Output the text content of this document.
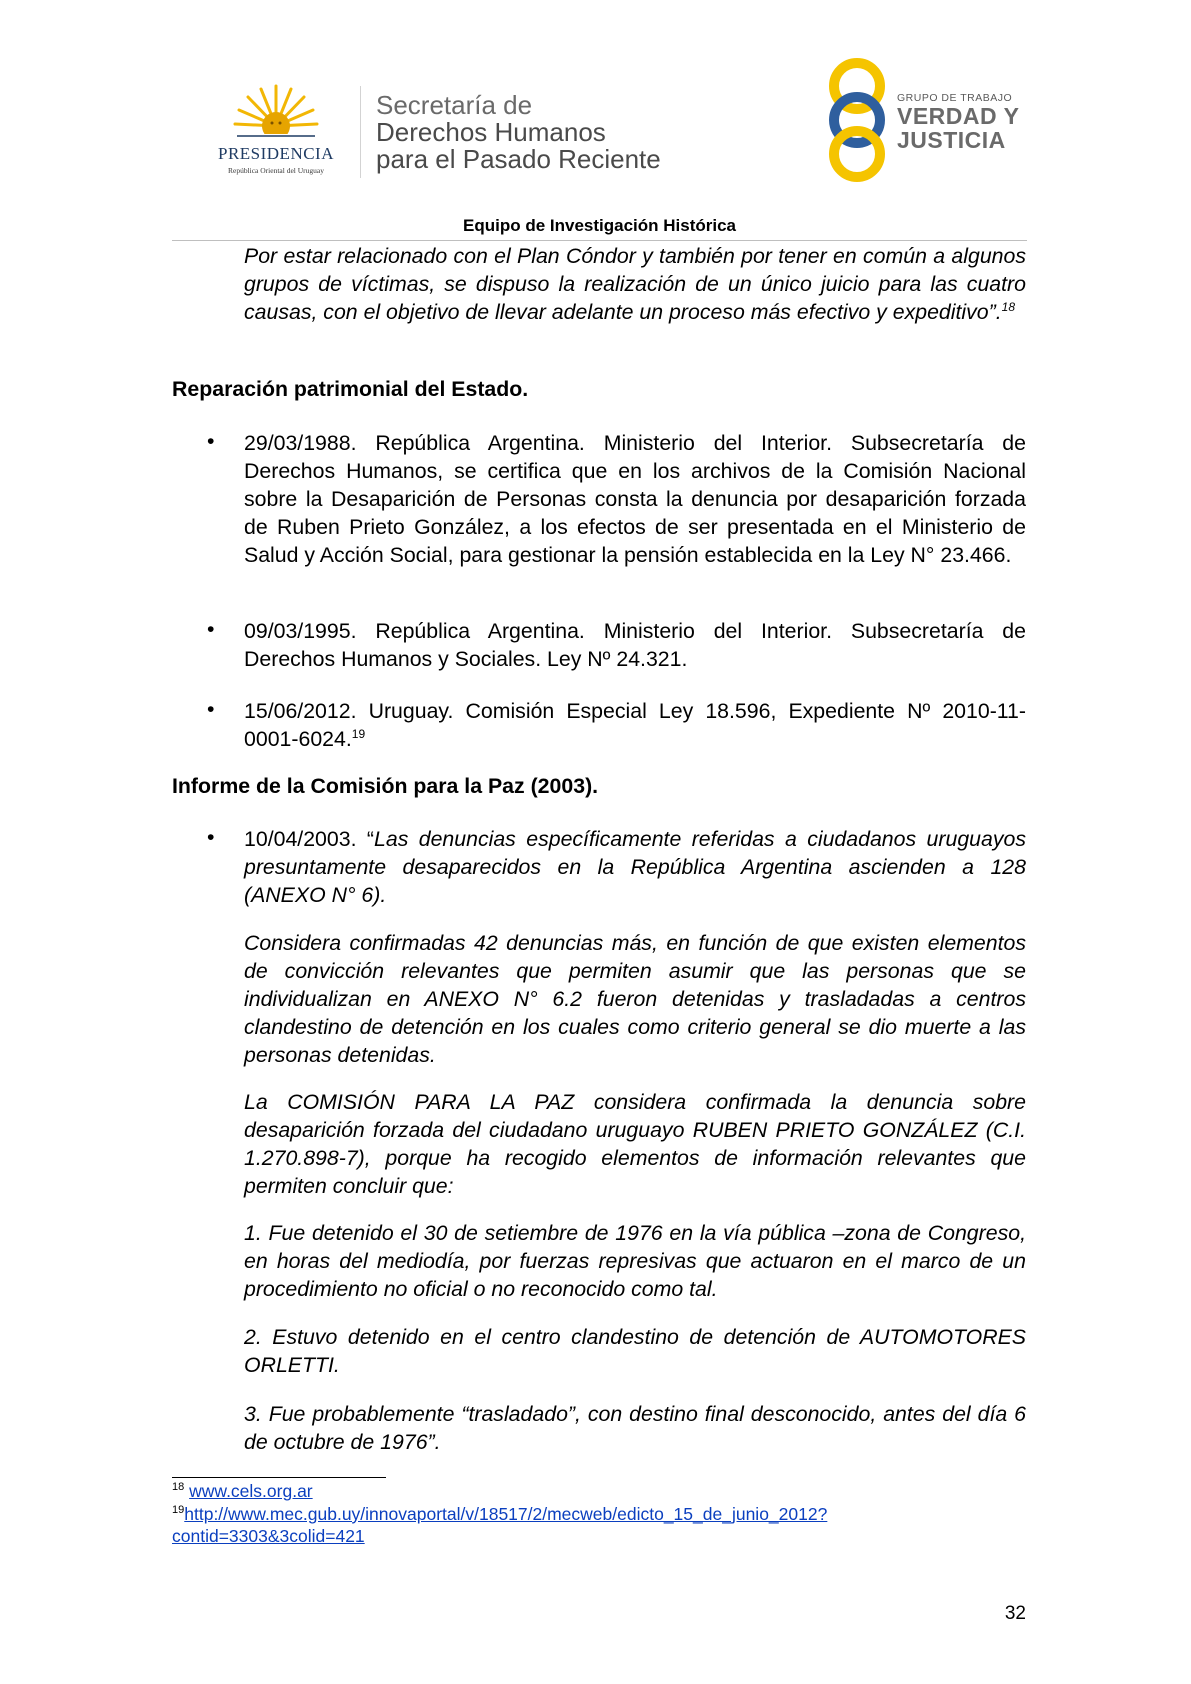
PRESIDENCIA
República Oriental del Uruguay
Secretaría de
Derechos Humanos
para el Pasado Reciente
GRUPO DE TRABAJO
VERDAD Y
JUSTICIA
Equipo de Investigación Histórica
Por estar relacionado con el Plan Cóndor y también por tener en común a algunos grupos de víctimas, se dispuso la realización de un único juicio para las cuatro causas, con el objetivo de llevar adelante un proceso más efectivo y expeditivo”.$^{18}$
Reparación patrimonial del Estado.
• 29/03/1988. República Argentina. Ministerio del Interior. Subsecretaría de Derechos Humanos, se certifica que en los archivos de la Comisión Nacional sobre la Desaparición de Personas consta la denuncia por desaparición forzada de Ruben Prieto González, a los efectos de ser presentada en el Ministerio de Salud y Acción Social, para gestionar la pensión establecida en la Ley N° 23.466.
• 09/03/1995. República Argentina. Ministerio del Interior. Subsecretaría de Derechos Humanos y Sociales. Ley Nº 24.321.
• 15/06/2012. Uruguay. Comisión Especial Ley 18.596, Expediente Nº 2010-11-0001-6024.19
Informe de la Comisión para la Paz (2003).
• 10/04/2003. “Las denuncias específicamente referidas a ciudadanos uruguayos presuntamente desaparecidos en la República Argentina ascienden a 128 (ANEXO N° 6).
Considera confirmadas 42 denuncias más, en función de que existen elementos de convicción relevantes que permiten asumir que las personas que se individualizan en ANEXO N° 6.2 fueron detenidas y trasladadas a centros clandestino de detención en los cuales como criterio general se dio muerte a las personas detenidas.
La COMISIÓN PARA LA PAZ considera confirmada la denuncia sobre desaparición forzada del ciudadano uruguayo RUBEN PRIETO GONZÁLEZ (C.I. 1.270.898-7), porque ha recogido elementos de información relevantes que permiten concluir que:
1. Fue detenido el 30 de setiembre de 1976 en la vía pública –zona de Congreso, en horas del mediodía, por fuerzas represivas que actuaron en el marco de un procedimiento no oficial o no reconocido como tal.
2. Estuvo detenido en el centro clandestino de detención de AUTOMOTORES ORLETTI.
3. Fue probablemente “trasladado”, con destino final desconocido, antes del día 6 de octubre de 1976”.
$^{18}$ www.cels.org.ar
$^{19}$http://www.mec.gub.uy/innovaportal/v/18517/2/mecweb/edicto_15_de_junio_2012?
contid=3303&3colid=421
32
